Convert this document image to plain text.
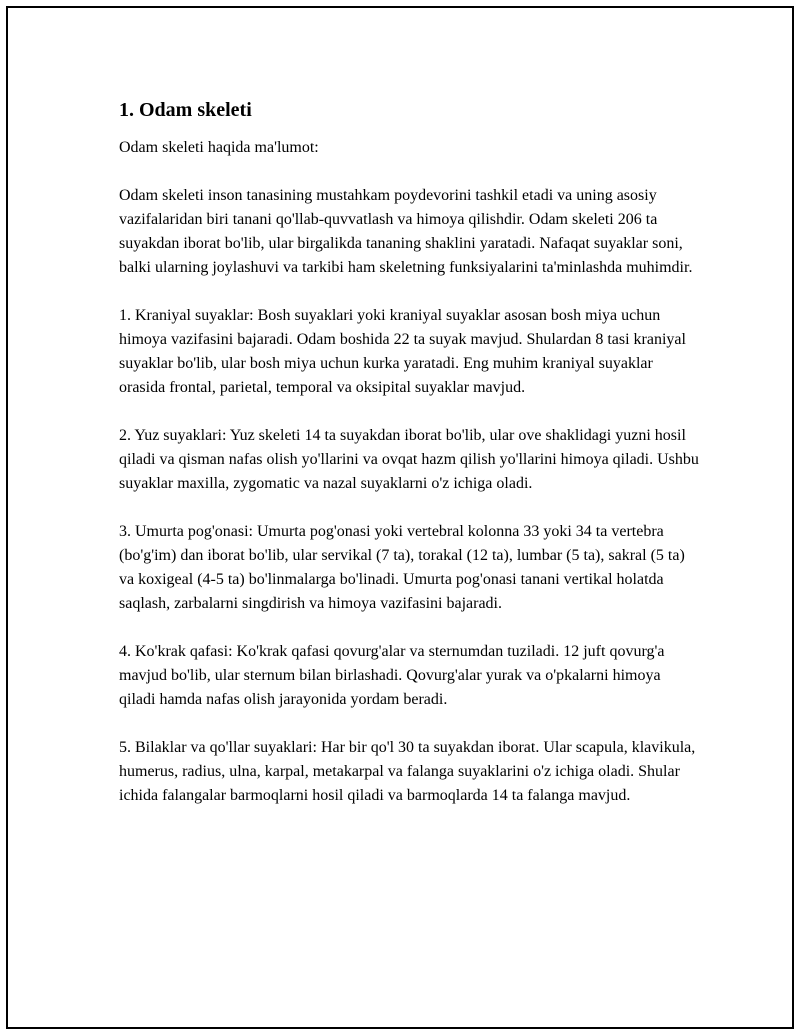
1. Odam skeleti

Odam skeleti haqida ma'lumot:

Odam skeleti inson tanasining mustahkam poydevorini tashkil etadi va uning asosiy vazifalaridan biri tanani qo'llab-quvvatlash va himoya qilishdir. Odam skeleti 206 ta suyakdan iborat bo'lib, ular birgalikda tananing shaklini yaratadi. Nafaqat suyaklar soni, balki ularning joylashuvi va tarkibi ham skeletning funksiyalarini ta'minlashda muhimdir.

1. Kraniyal suyaklar: Bosh suyaklari yoki kraniyal suyaklar asosan bosh miya uchun himoya vazifasini bajaradi. Odam boshida 22 ta suyak mavjud. Shulardan 8 tasi kraniyal suyaklar bo'lib, ular bosh miya uchun kurka yaratadi. Eng muhim kraniyal suyaklar orasida frontal, parietal, temporal va oksipital suyaklar mavjud.

2. Yuz suyaklari: Yuz skeleti 14 ta suyakdan iborat bo'lib, ular ove shaklidagi yuzni hosil qiladi va qisman nafas olish yo'llarini va ovqat hazm qilish yo'llarini himoya qiladi. Ushbu suyaklar maxilla, zygomatic va nazal suyaklarni o'z ichiga oladi.

3. Umurta pog'onasi: Umurta pog'onasi yoki vertebral kolonna 33 yoki 34 ta vertebra (bo'g'im) dan iborat bo'lib, ular servikal (7 ta), torakal (12 ta), lumbar (5 ta), sakral (5 ta) va koxigeal (4-5 ta) bo'linmalarga bo'linadi. Umurta pog'onasi tanani vertikal holatda saqlash, zarbalarni singdirish va himoya vazifasini bajaradi.

4. Ko'krak qafasi: Ko'krak qafasi qovurg'alar va sternumdan tuziladi. 12 juft qovurg'a mavjud bo'lib, ular sternum bilan birlashadi. Qovurg'alar yurak va o'pkalarni himoya qiladi hamda nafas olish jarayonida yordam beradi.

5. Bilaklar va qo'llar suyaklari: Har bir qo'l 30 ta suyakdan iborat. Ular scapula, klavikula, humerus, radius, ulna, karpal, metakarpal va falanga suyaklarini o'z ichiga oladi. Shular ichida falangalar barmoqlarni hosil qiladi va barmoqlarda 14 ta falanga mavjud.
